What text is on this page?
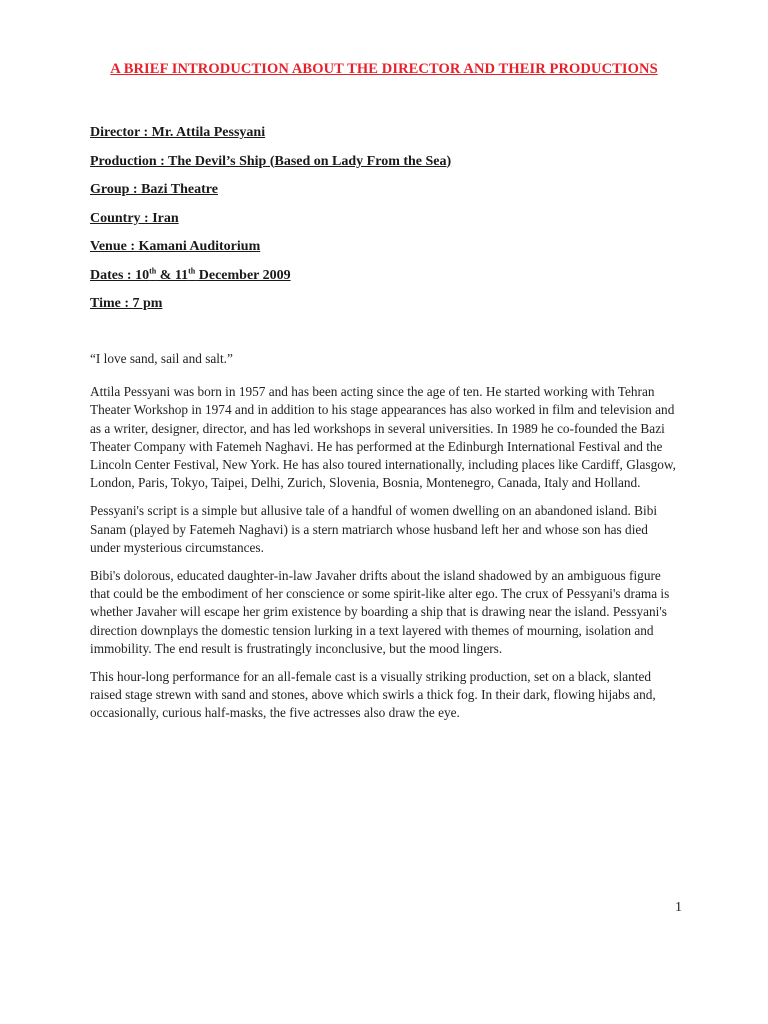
A BRIEF INTRODUCTION ABOUT THE DIRECTOR AND THEIR PRODUCTIONS
Director : Mr. Attila Pessyani
Production : The Devil’s Ship (Based on Lady From the Sea)
Group : Bazi Theatre
Country : Iran
Venue : Kamani Auditorium
Dates : 10th & 11th December 2009
Time : 7 pm

“I love sand, sail and salt.”

Attila Pessyani was born in 1957 and has been acting since the age of ten. He started working with Tehran Theater Workshop in 1974 and in addition to his stage appearances has also worked in film and television and as a writer, designer, director, and has led workshops in several universities. In 1989 he co-founded the Bazi Theater Company with Fatemeh Naghavi. He has performed at the Edinburgh International Festival and the Lincoln Center Festival, New York. He has also toured internationally, including places like Cardiff, Glasgow, London, Paris, Tokyo, Taipei, Delhi, Zurich, Slovenia, Bosnia, Montenegro, Canada, Italy and Holland.

Pessyani's script is a simple but allusive tale of a handful of women dwelling on an abandoned island. Bibi Sanam (played by Fatemeh Naghavi) is a stern matriarch whose husband left her and whose son has died under mysterious circumstances.

Bibi's dolorous, educated daughter-in-law Javaher drifts about the island shadowed by an ambiguous figure that could be the embodiment of her conscience or some spirit-like alter ego. The crux of Pessyani's drama is whether Javaher will escape her grim existence by boarding a ship that is drawing near the island. Pessyani's direction downplays the domestic tension lurking in a text layered with themes of mourning, isolation and immobility. The end result is frustratingly inconclusive, but the mood lingers.

This hour-long performance for an all-female cast is a visually striking production, set on a black, slanted raised stage strewn with sand and stones, above which swirls a thick fog. In their dark, flowing hijabs and, occasionally, curious half-masks, the five actresses also draw the eye.

1
